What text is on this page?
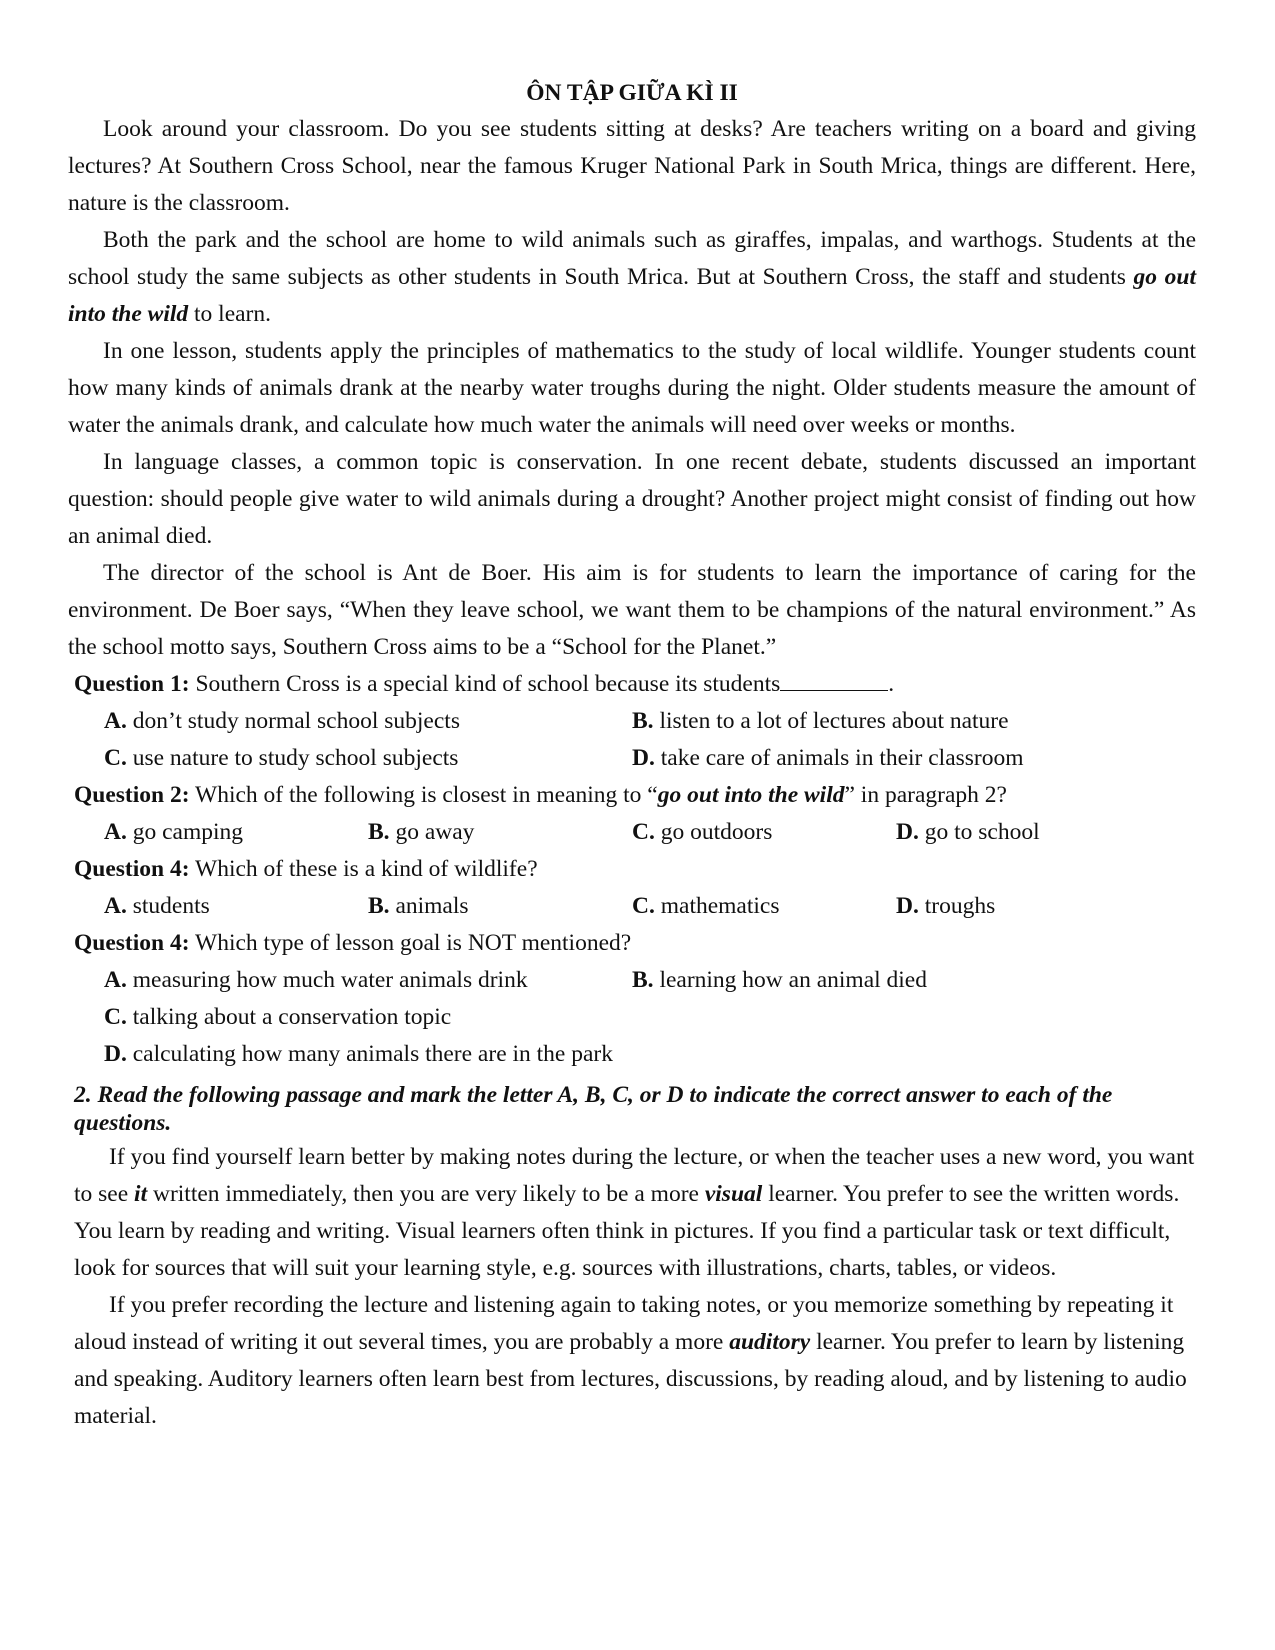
ÔN TẬP GIỮA KÌ II

Look around your classroom. Do you see students sitting at desks? Are teachers writing on a board and giving lectures? At Southern Cross School, near the famous Kruger National Park in South Mrica, things are different. Here, nature is the classroom.

Both the park and the school are home to wild animals such as giraffes, impalas, and warthogs. Students at the school study the same subjects as other students in South Mrica. But at Southern Cross, the staff and students go out into the wild to learn.

In one lesson, students apply the principles of mathematics to the study of local wildlife. Younger students count how many kinds of animals drank at the nearby water troughs during the night. Older students measure the amount of water the animals drank, and calculate how much water the animals will need over weeks or months.

In language classes, a common topic is conservation. In one recent debate, students discussed an important question: should people give water to wild animals during a drought? Another project might consist of finding out how an animal died.

The director of the school is Ant de Boer. His aim is for students to learn the importance of caring for the environment. De Boer says, “When they leave school, we want them to be champions of the natural environment.” As the school motto says, Southern Cross aims to be a “School for the Planet.”

Question 1: Southern Cross is a special kind of school because its students	.
A. don’t study normal school subjects	B. listen to a lot of lectures about nature
C. use nature to study school subjects	D. take care of animals in their classroom
Question 2: Which of the following is closest in meaning to “go out into the wild” in paragraph 2?
A. go camping	B. go away	C. go outdoors	D. go to school
Question 4: Which of these is a kind of wildlife?
A. students	B. animals	C. mathematics	D. troughs
Question 4: Which type of lesson goal is NOT mentioned?
A. measuring how much water animals drink	B. learning how an animal died
C. talking about a conservation topic
D. calculating how many animals there are in the park
2. Read the following passage and mark the letter A, B, C, or D to indicate the correct answer to each of the questions.

If you find yourself learn better by making notes during the lecture, or when the teacher uses a new word, you want to see it written immediately, then you are very likely to be a more visual learner. You prefer to see the written words. You learn by reading and writing. Visual learners often think in pictures. If you find a particular task or text difficult, look for sources that will suit your learning style, e.g. sources with illustrations, charts, tables, or videos.

If you prefer recording the lecture and listening again to taking notes, or you memorize something by repeating it aloud instead of writing it out several times, you are probably a more auditory learner. You prefer to learn by listening and speaking. Auditory learners often learn best from lectures, discussions, by reading aloud, and by listening to audio material.
